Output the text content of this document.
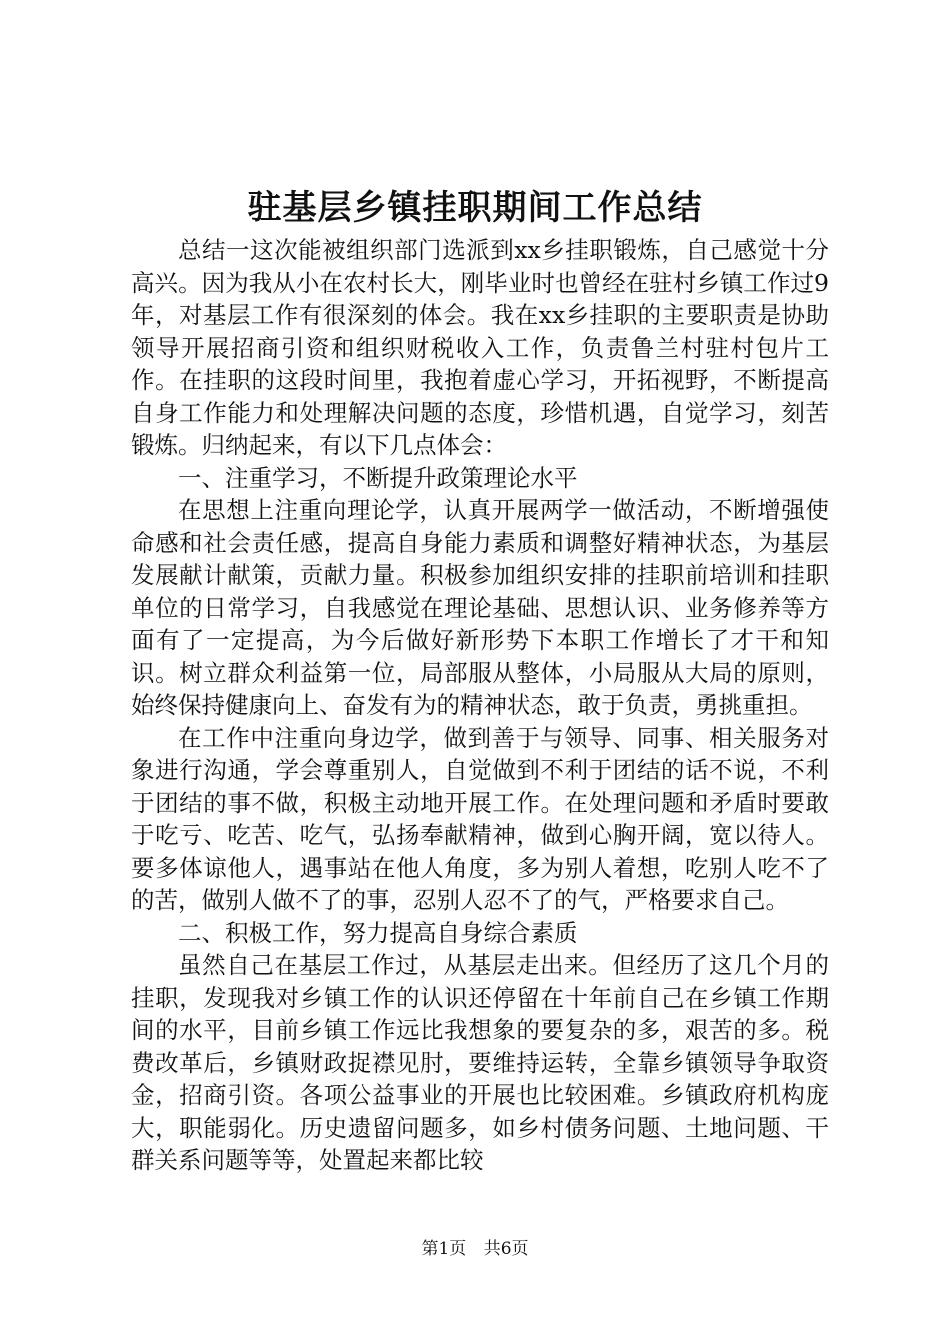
驻基层乡镇挂职期间工作总结

总结一这次能被组织部门选派到xx乡挂职锻炼，自己感觉十分高兴。因为我从小在农村长大，刚毕业时也曾经在驻村乡镇工作过9年，对基层工作有很深刻的体会。我在xx乡挂职的主要职责是协助领导开展招商引资和组织财税收入工作，负责鲁兰村驻村包片工作。在挂职的这段时间里，我抱着虚心学习，开拓视野，不断提高自身工作能力和处理解决问题的态度，珍惜机遇，自觉学习，刻苦锻炼。归纳起来，有以下几点体会：

一、注重学习，不断提升政策理论水平

在思想上注重向理论学，认真开展两学一做活动，不断增强使命感和社会责任感，提高自身能力素质和调整好精神状态，为基层发展献计献策，贡献力量。积极参加组织安排的挂职前培训和挂职单位的日常学习，自我感觉在理论基础、思想认识、业务修养等方面有了一定提高，为今后做好新形势下本职工作增长了才干和知识。树立群众利益第一位，局部服从整体，小局服从大局的原则，始终保持健康向上、奋发有为的精神状态，敢于负责，勇挑重担。

在工作中注重向身边学，做到善于与领导、同事、相关服务对象进行沟通，学会尊重别人，自觉做到不利于团结的话不说，不利于团结的事不做，积极主动地开展工作。在处理问题和矛盾时要敢于吃亏、吃苦、吃气，弘扬奉献精神，做到心胸开阔，宽以待人。要多体谅他人，遇事站在他人角度，多为别人着想，吃别人吃不了的苦，做别人做不了的事，忍别人忍不了的气，严格要求自己。

二、积极工作，努力提高自身综合素质

虽然自己在基层工作过，从基层走出来。但经历了这几个月的挂职，发现我对乡镇工作的认识还停留在十年前自己在乡镇工作期间的水平，目前乡镇工作远比我想象的要复杂的多，艰苦的多。税费改革后，乡镇财政捉襟见肘，要维持运转，全靠乡镇领导争取资金，招商引资。各项公益事业的开展也比较困难。乡镇政府机构庞大，职能弱化。历史遗留问题多，如乡村债务问题、土地问题、干群关系问题等等，处置起来都比较

第1页 共6页
